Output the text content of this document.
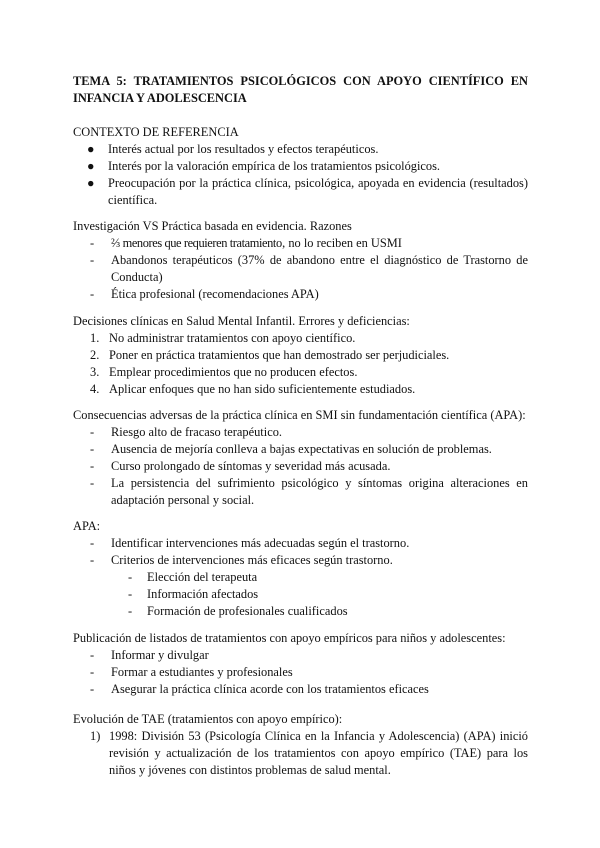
TEMA 5: TRATAMIENTOS PSICOLÓGICOS CON APOYO CIENTÍFICO EN INFANCIA Y ADOLESCENCIA

CONTEXTO DE REFERENCIA

● Interés actual por los resultados y efectos terapéuticos.
● Interés por la valoración empírica de los tratamientos psicológicos.
● Preocupación por la práctica clínica, psicológica, apoyada en evidencia (resultados) científica.

Investigación VS Práctica basada en evidencia. Razones

- ⅔ menores que requieren tratamiento, no lo reciben en USMI
- Abandonos terapéuticos (37% de abandono entre el diagnóstico de Trastorno de Conducta)
- Ética profesional (recomendaciones APA)

Decisiones clínicas en Salud Mental Infantil. Errores y deficiencias:

1. No administrar tratamientos con apoyo científico.
2. Poner en práctica tratamientos que han demostrado ser perjudiciales.
3. Emplear procedimientos que no producen efectos.
4. Aplicar enfoques que no han sido suficientemente estudiados.

Consecuencias adversas de la práctica clínica en SMI sin fundamentación científica (APA):

- Riesgo alto de fracaso terapéutico.
- Ausencia de mejoría conlleva a bajas expectativas en solución de problemas.
- Curso prolongado de síntomas y severidad más acusada.
- La persistencia del sufrimiento psicológico y síntomas origina alteraciones en adaptación personal y social.

APA:

- Identificar intervenciones más adecuadas según el trastorno.
- Criterios de intervenciones más eficaces según trastorno.
- Elección del terapeuta
- Información afectados
- Formación de profesionales cualificados

Publicación de listados de tratamientos con apoyo empíricos para niños y adolescentes:

- Informar y divulgar
- Formar a estudiantes y profesionales
- Asegurar la práctica clínica acorde con los tratamientos eficaces

Evolución de TAE (tratamientos con apoyo empírico):

1) 1998: División 53 (Psicología Clínica en la Infancia y Adolescencia) (APA) inició revisión y actualización de los tratamientos con apoyo empírico (TAE) para los niños y jóvenes con distintos problemas de salud mental.
